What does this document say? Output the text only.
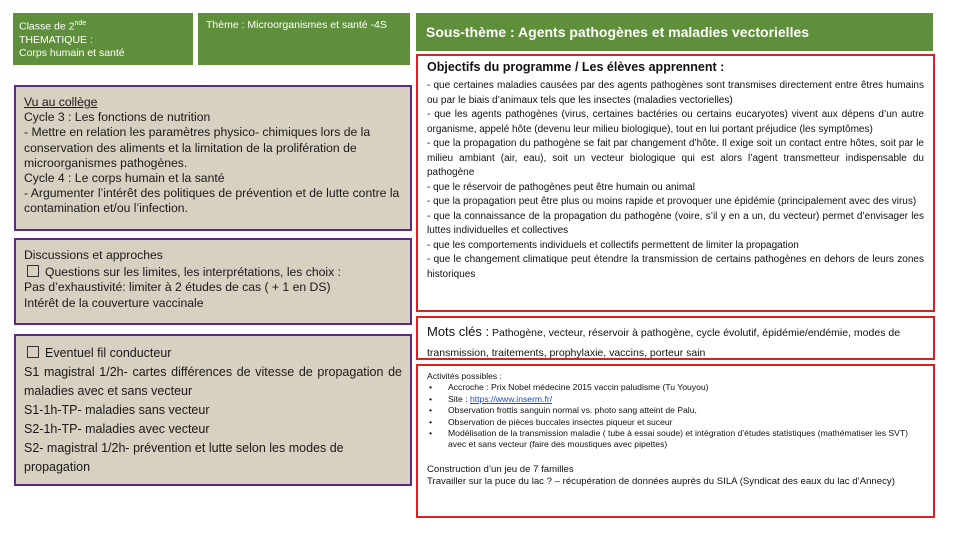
Classe de 2nde
THEMATIQUE :
Corps humain et santé
Thème : Microorganismes et santé -4S	Sous-thème : Agents pathogènes et maladies vectorielles
Vu au collège
Cycle 3 : Les fonctions de nutrition
- Mettre en relation les paramètres physico- chimiques lors de la conservation des aliments et la limitation de la prolifération de microorganismes pathogènes.
Cycle 4 : Le corps humain et la santé
- Argumenter l’intérêt des politiques de prévention et de lutte contre la contamination et/ou l’infection.
Discussions et approches
Questions sur les limites, les interprétations, les choix :
Pas d’exhaustivité: limiter à 2 études de cas ( + 1 en DS)
Intérêt de la couverture vaccinale
Eventuel fil conducteur
S1 magistral 1/2h- cartes différences de vitesse de propagation de maladies avec et sans vecteur
S1-1h-TP- maladies sans vecteur
S2-1h-TP- maladies avec vecteur
S2- magistral 1/2h- prévention et lutte selon les modes de propagation
Objectifs du programme / Les élèves apprennent :
- que certaines maladies causées par des agents pathogènes sont transmises directement entre êtres humains ou par le biais d’animaux tels que les insectes (maladies vectorielles)
- que les agents pathogènes (virus, certaines bactéries ou certains eucaryotes) vivent aux dépens d’un autre organisme, appelé hôte (devenu leur milieu biologique), tout en lui portant préjudice (les symptômes)
- que la propagation du pathogène se fait par changement d’hôte. Il exige soit un contact entre hôtes, soit par le milieu ambiant (air, eau), soit un vecteur biologique qui est alors l’agent transmetteur indispensable du pathogène
- que le réservoir de pathogènes peut être humain ou animal
- que la propagation peut être plus ou moins rapide et provoquer une épidémie (principalement avec des virus)
- que la connaissance de la propagation du pathogène (voire, s’il y en a un, du vecteur) permet d’envisager les luttes individuelles et collectives
- que les comportements individuels et collectifs permettent de limiter la propagation
- que le changement climatique peut étendre la transmission de certains pathogènes en dehors de leurs zones historiques
Mots clés : Pathogène, vecteur, réservoir à pathogène, cycle évolutif, épidémie/endémie, modes de transmission, traitements, prophylaxie, vaccins, porteur sain
Activités possibles :
• Accroche : Prix Nobel médecine 2015 vaccin paludisme (Tu Youyou)
• Site : https://www.inserm.fr/
• Observation frottis sanguin normal vs. photo sang atteint de Palu,
• Observation de pièces buccales insectes piqueur et suceur
• Modélisation de la transmission maladie ( tube à essai soude) et intégration d’études statistiques (mathématiser les SVT) avec et sans vecteur (faire des moustiques avec pipettes)
Construction d’un jeu de 7 familles
Travailler sur la puce du lac ? – récupération de données auprès du SILA (Syndicat des eaux du lac d’Annecy)
